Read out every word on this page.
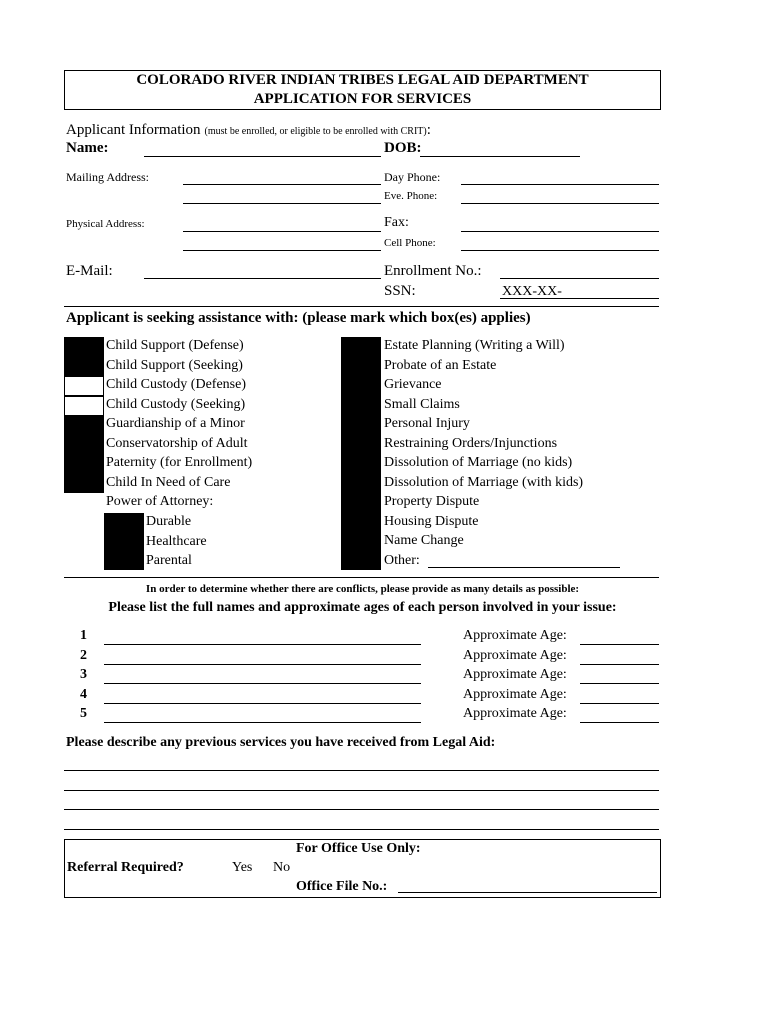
COLORADO RIVER INDIAN TRIBES LEGAL AID DEPARTMENT
APPLICATION FOR SERVICES
Applicant Information (must be enrolled, or eligible to be enrolled with CRIT):
Name:	DOB:
Mailing Address:	Day Phone:
Eve. Phone:
Physical Address:	Fax:
Cell Phone:
E-Mail:	Enrollment No.:
SSN:	XXX-XX-
Applicant is seeking assistance with: (please mark which box(es) applies)
Child Support (Defense)
Child Support (Seeking)
Child Custody (Defense)
Child Custody (Seeking)
Guardianship of a Minor
Conservatorship of Adult
Paternity (for Enrollment)
Child In Need of Care
Estate Planning (Writing a Will)
Probate of an Estate
Grievance
Small Claims
Personal Injury
Restraining Orders/Injunctions
Dissolution of Marriage (no kids)
Dissolution of Marriage (with kids)
Property Dispute
Housing Dispute
Name Change
Other:
Power of Attorney:
Durable
Healthcare
Parental
In order to determine whether there are conflicts, please provide as many details as possible:
Please list the full names and approximate ages of each person involved in your issue:
1	Approximate Age:
2	Approximate Age:
3	Approximate Age:
4	Approximate Age:
5	Approximate Age:
Please describe any previous services you have received from Legal Aid:
For Office Use Only:
Referral Required?	Yes No
Office File No.:
